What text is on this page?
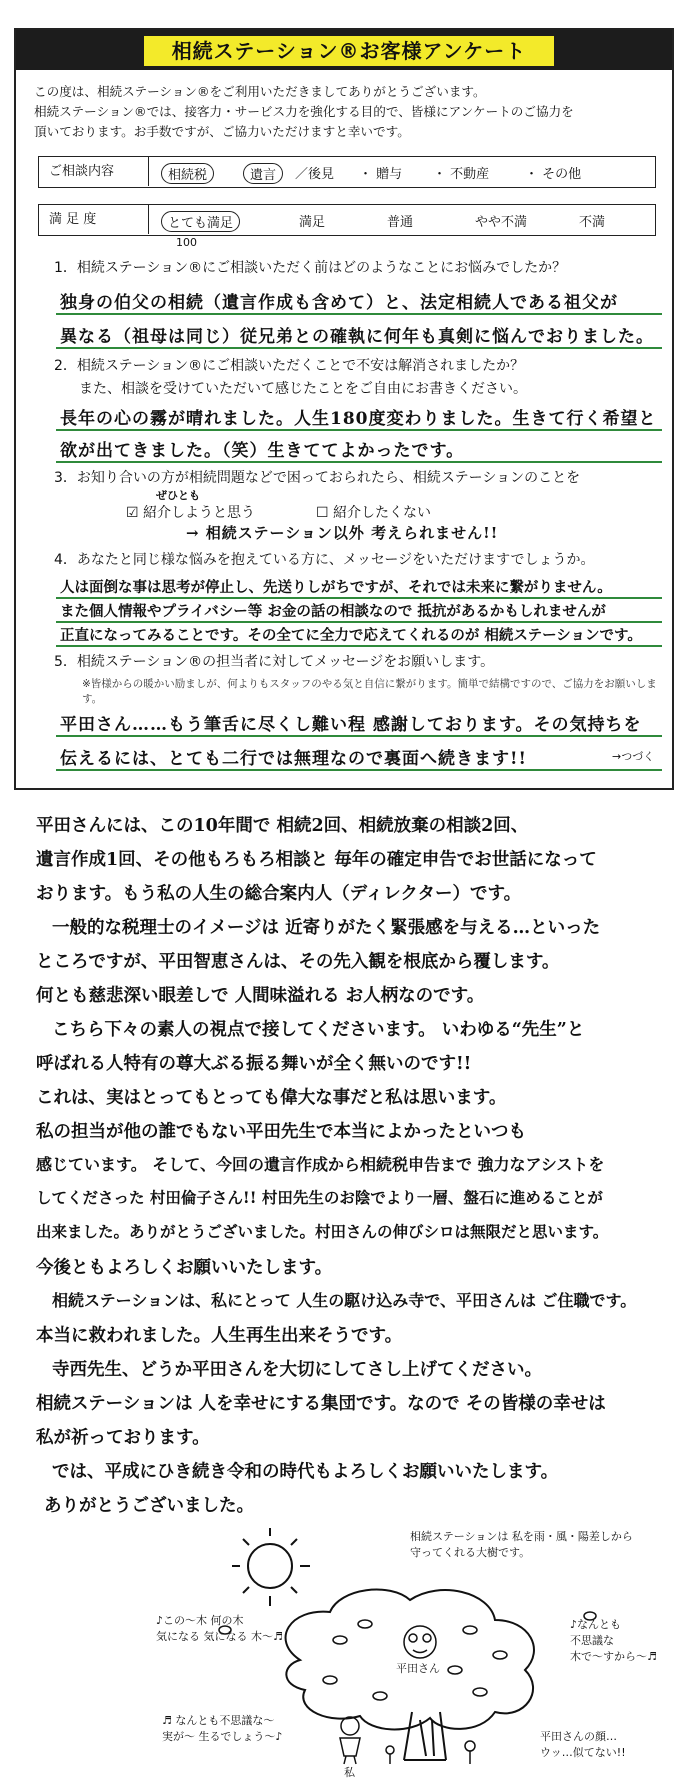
相続ステーション®お客様アンケート
この度は、相続ステーション®をご利用いただきましてありがとうございます。
相続ステーション®では、接客力・サービス力を強化する目的で、皆様にアンケートのご協力を
頂いております。お手数ですが、ご協力いただけますと幸いです。
ご相談内容	相続税	遺言	／後見 ・ 贈与 ・ 不動産	・ その他
満 足 度	とても満足	満足	普通	やや不満	不満
100
1．相続ステーション®にご相談いただく前はどのようなことにお悩みでしたか？
独身の伯父の相続（遺言作成も含めて）と、法定相続人である祖父が
異なる（祖母は同じ）従兄弟との確執に何年も真剣に悩んでおりました。
2．相続ステーション®にご相談いただくことで不安は解消されましたか？
また、相談を受けていただいて感じたことをご自由にお書きください。
長年の心の霧が晴れました。人生180度変わりました。生きて行く希望と
欲が出てきました。（笑）生きててよかったです。
3．お知り合いの方が相続問題などで困っておられたら、相続ステーションのことを
ぜひとも
☑ 紹介しようと思う	☐ 紹介したくない
→ 相続ステーション以外 考えられません!!
4．あなたと同じ様な悩みを抱えている方に、メッセージをいただけますでしょうか。
人は面倒な事は思考が停止し、先送りしがちですが、それでは未来に繋がりません。
また個人情報やプライバシー等 お金の話の相談なので 抵抗があるかもしれませんが
正直になってみることです。その全てに全力で応えてくれるのが 相続ステーションです。
5．相続ステーション®の担当者に対してメッセージをお願いします。
※皆様からの暖かい励ましが、何よりもスタッフのやる気と自信に繋がります。簡単で結構ですので、ご協力をお願いします。
平田さん……もう筆舌に尽くし難い程 感謝しております。その気持ちを
伝えるには、とても二行では無理なので裏面へ続きます!!	→つづく
平田さんには、この10年間で 相続2回、相続放棄の相談2回、
遺言作成1回、その他もろもろ相談と 毎年の確定申告でお世話になって
おります。もう私の人生の総合案内人（ディレクター）です。
一般的な税理士のイメージは 近寄りがたく緊張感を与える…といった
ところですが、平田智恵さんは、その先入観を根底から覆します。
何とも慈悲深い眼差しで 人間味溢れる お人柄なのです。
こちら下々の素人の視点で接してくださいます。 いわゆる“先生”と
呼ばれる人特有の尊大ぶる振る舞いが全く無いのです!!
これは、実はとってもとっても偉大な事だと私は思います。
私の担当が他の誰でもない平田先生で本当によかったといつも
感じています。 そして、今回の遺言作成から相続税申告まで 強力なアシストを
してくださった 村田倫子さん!! 村田先生のお陰でより一層、盤石に進めることが
出来ました。ありがとうございました。村田さんの伸びシロは無限だと思います。
今後ともよろしくお願いいたします。
相続ステーションは、私にとって 人生の駆け込み寺で、平田さんは ご住職です。
本当に救われました。人生再生出来そうです。
寺西先生、どうか平田さんを大切にしてさし上げてください。
相続ステーションは 人を幸せにする集団です。なので その皆様の幸せは
私が祈っております。
では、平成にひき続き令和の時代もよろしくお願いいたします。
ありがとうございました。
相続ステーションは 私を雨・風・陽差しから
守ってくれる大樹です。
♪この～木 何の木
気になる 気になる 木～♬
♪なんとも
不思議な
木で～すから～♬
♬ なんとも不思議な～
実が～ 生るでしょう～♪	平田さんの顔…
ウッ…似てない!!
平田さん
私
